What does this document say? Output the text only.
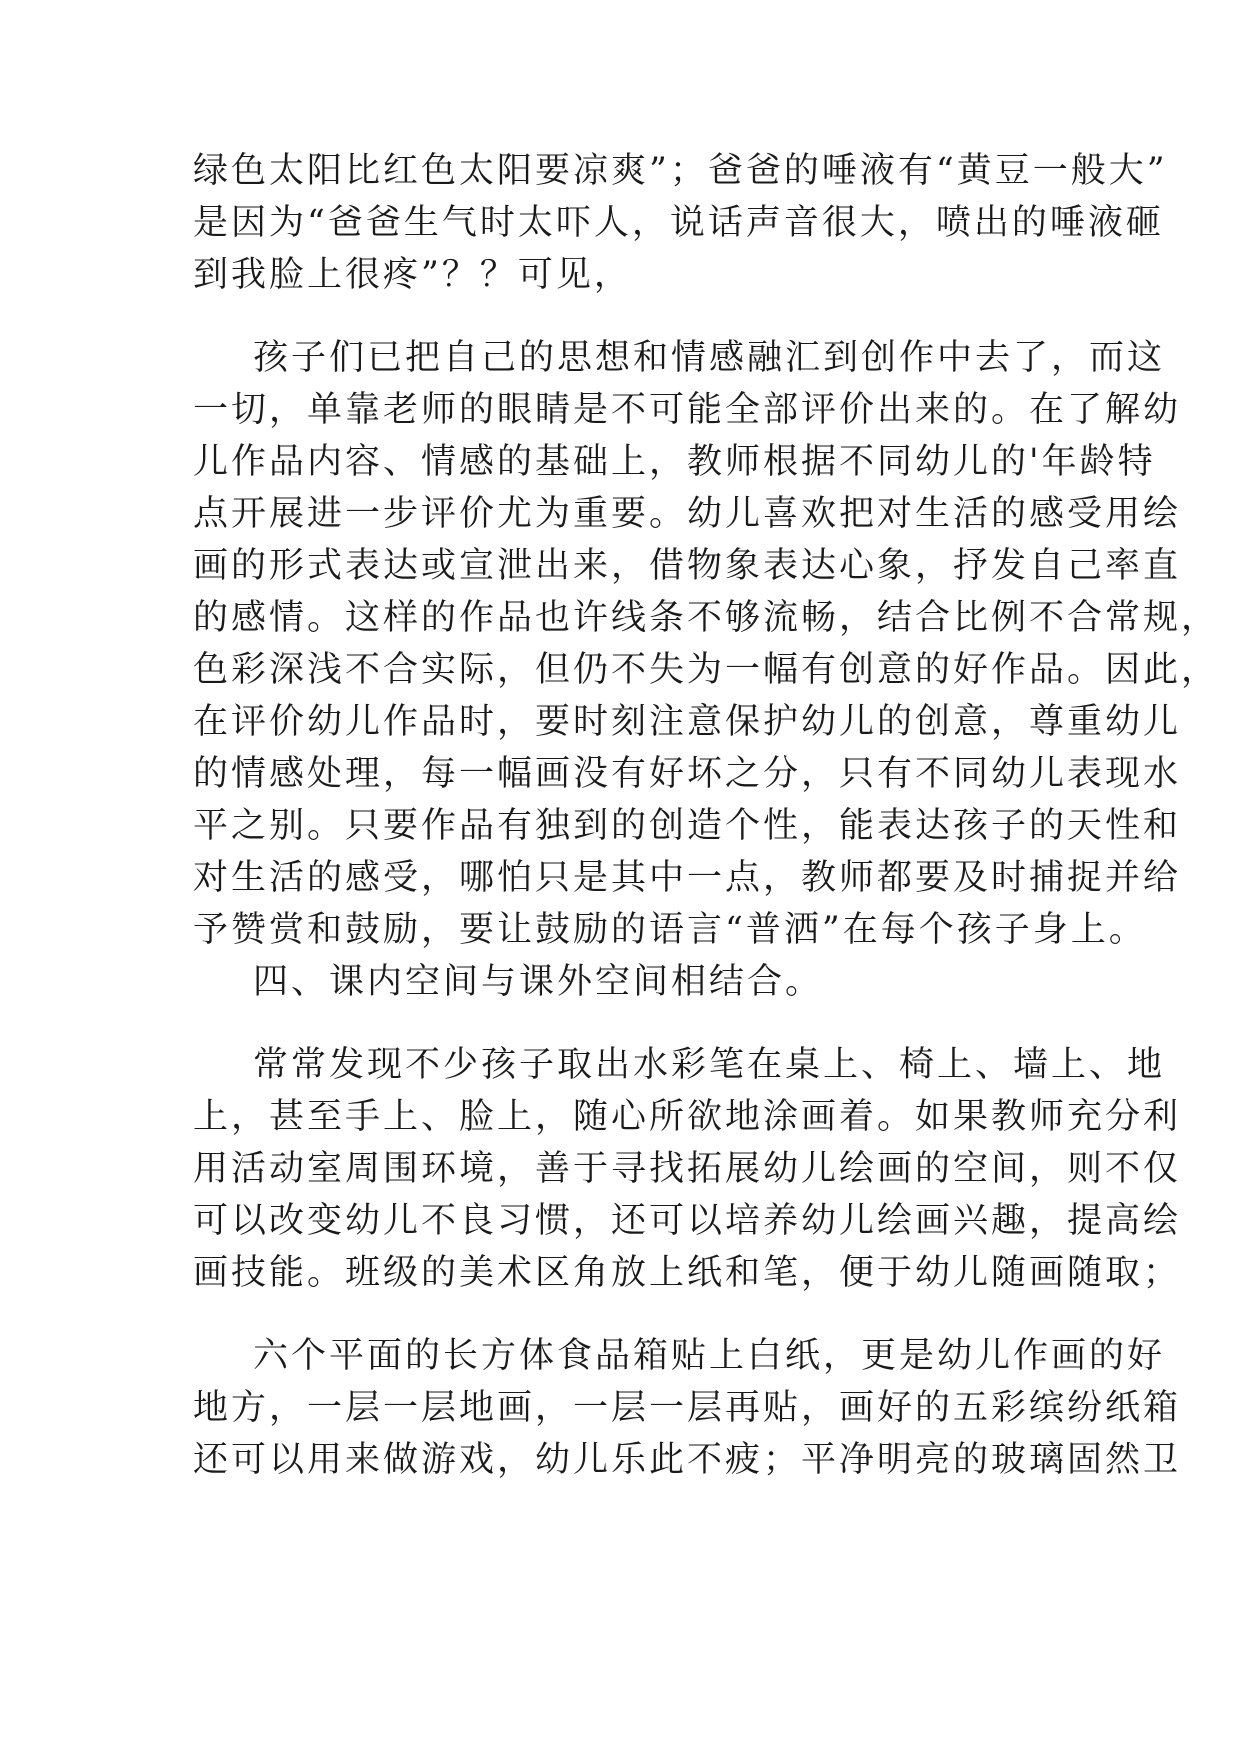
绿色太阳比红色太阳要凉爽”；爸爸的唾液有“黄豆一般大”
是因为“爸爸生气时太吓人，说话声音很大，喷出的唾液砸
到我脸上很疼”？？可见，
孩子们已把自己的思想和情感融汇到创作中去了，而这
一切，单靠老师的眼睛是不可能全部评价出来的。在了解幼
儿作品内容、情感的基础上，教师根据不同幼儿的'年龄特
点开展进一步评价尤为重要。幼儿喜欢把对生活的感受用绘
画的形式表达或宣泄出来，借物象表达心象，抒发自己率直
的感情。这样的作品也许线条不够流畅，结合比例不合常规，
色彩深浅不合实际，但仍不失为一幅有创意的好作品。因此，
在评价幼儿作品时，要时刻注意保护幼儿的创意，尊重幼儿
的情感处理，每一幅画没有好坏之分，只有不同幼儿表现水
平之别。只要作品有独到的创造个性，能表达孩子的天性和
对生活的感受，哪怕只是其中一点，教师都要及时捕捉并给
予赞赏和鼓励，要让鼓励的语言“普洒”在每个孩子身上。
四、课内空间与课外空间相结合。
常常发现不少孩子取出水彩笔在桌上、椅上、墙上、地
上，甚至手上、脸上，随心所欲地涂画着。如果教师充分利
用活动室周围环境，善于寻找拓展幼儿绘画的空间，则不仅
可以改变幼儿不良习惯，还可以培养幼儿绘画兴趣，提高绘
画技能。班级的美术区角放上纸和笔，便于幼儿随画随取；
六个平面的长方体食品箱贴上白纸，更是幼儿作画的好
地方，一层一层地画，一层一层再贴，画好的五彩缤纷纸箱
还可以用来做游戏，幼儿乐此不疲；平净明亮的玻璃固然卫
